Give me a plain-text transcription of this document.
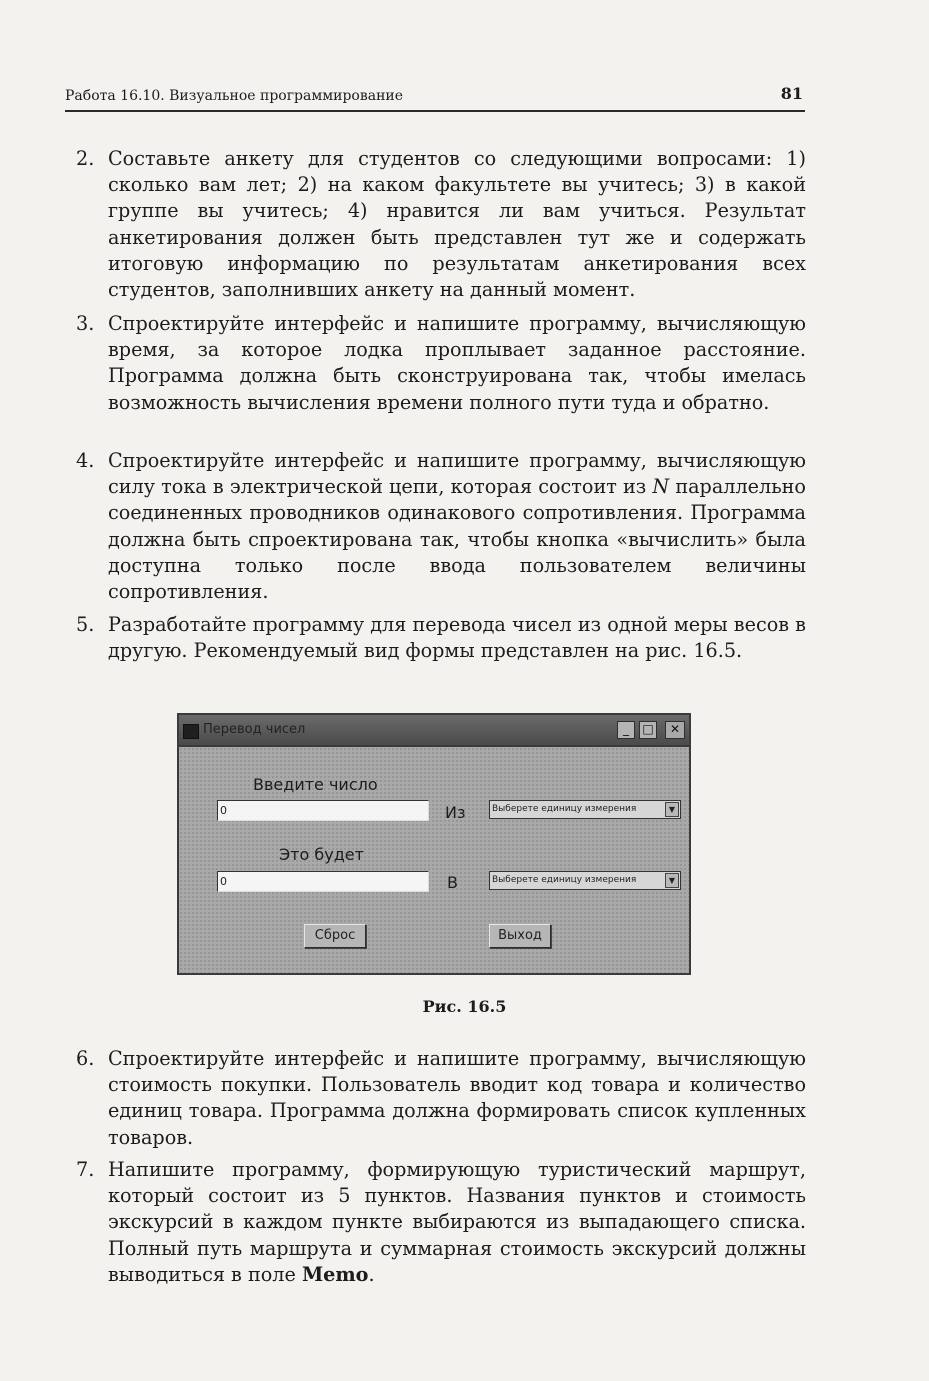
Работа 16.10. Визуальное программирование	81
2. Составьте анкету для студентов со следующими вопросами: 1) сколько вам лет; 2) на каком факультете вы учитесь; 3) в какой группе вы учитесь; 4) нравится ли вам учиться. Результат анкетирования должен быть представлен тут же и содержать итоговую информацию по результатам анкетирования всех студентов, заполнивших анкету на данный момент.
3. Спроектируйте интерфейс и напишите программу, вычисляющую время, за которое лодка проплывает заданное расстояние. Программа должна быть сконструирована так, чтобы имелась возможность вычисления времени полного пути туда и обратно.
4. Спроектируйте интерфейс и напишите программу, вычисляющую силу тока в электрической цепи, которая состоит из N параллельно соединенных проводников одинакового сопротивления. Программа должна быть спроектирована так, чтобы кнопка «вычислить» была доступна только после ввода пользователем величины сопротивления.
5. Разработайте программу для перевода чисел из одной меры весов в другую. Рекомендуемый вид формы представлен на рис. 16.5.
Перевод чисел	_	□	✕
Введите число
0	Из	Выберете единицу измерения	▼
Это будет
0	В	Выберете единицу измерения	▼
Сброс	Выход
Рис. 16.5
6. Спроектируйте интерфейс и напишите программу, вычисляющую стоимость покупки. Пользователь вводит код товара и количество единиц товара. Программа должна формировать список купленных товаров.
7. Напишите программу, формирующую туристический маршрут, который состоит из 5 пунктов. Названия пунктов и стоимость экскурсий в каждом пункте выбираются из выпадающего списка. Полный путь маршрута и суммарная стоимость экскурсий должны выводиться в поле Memo.
